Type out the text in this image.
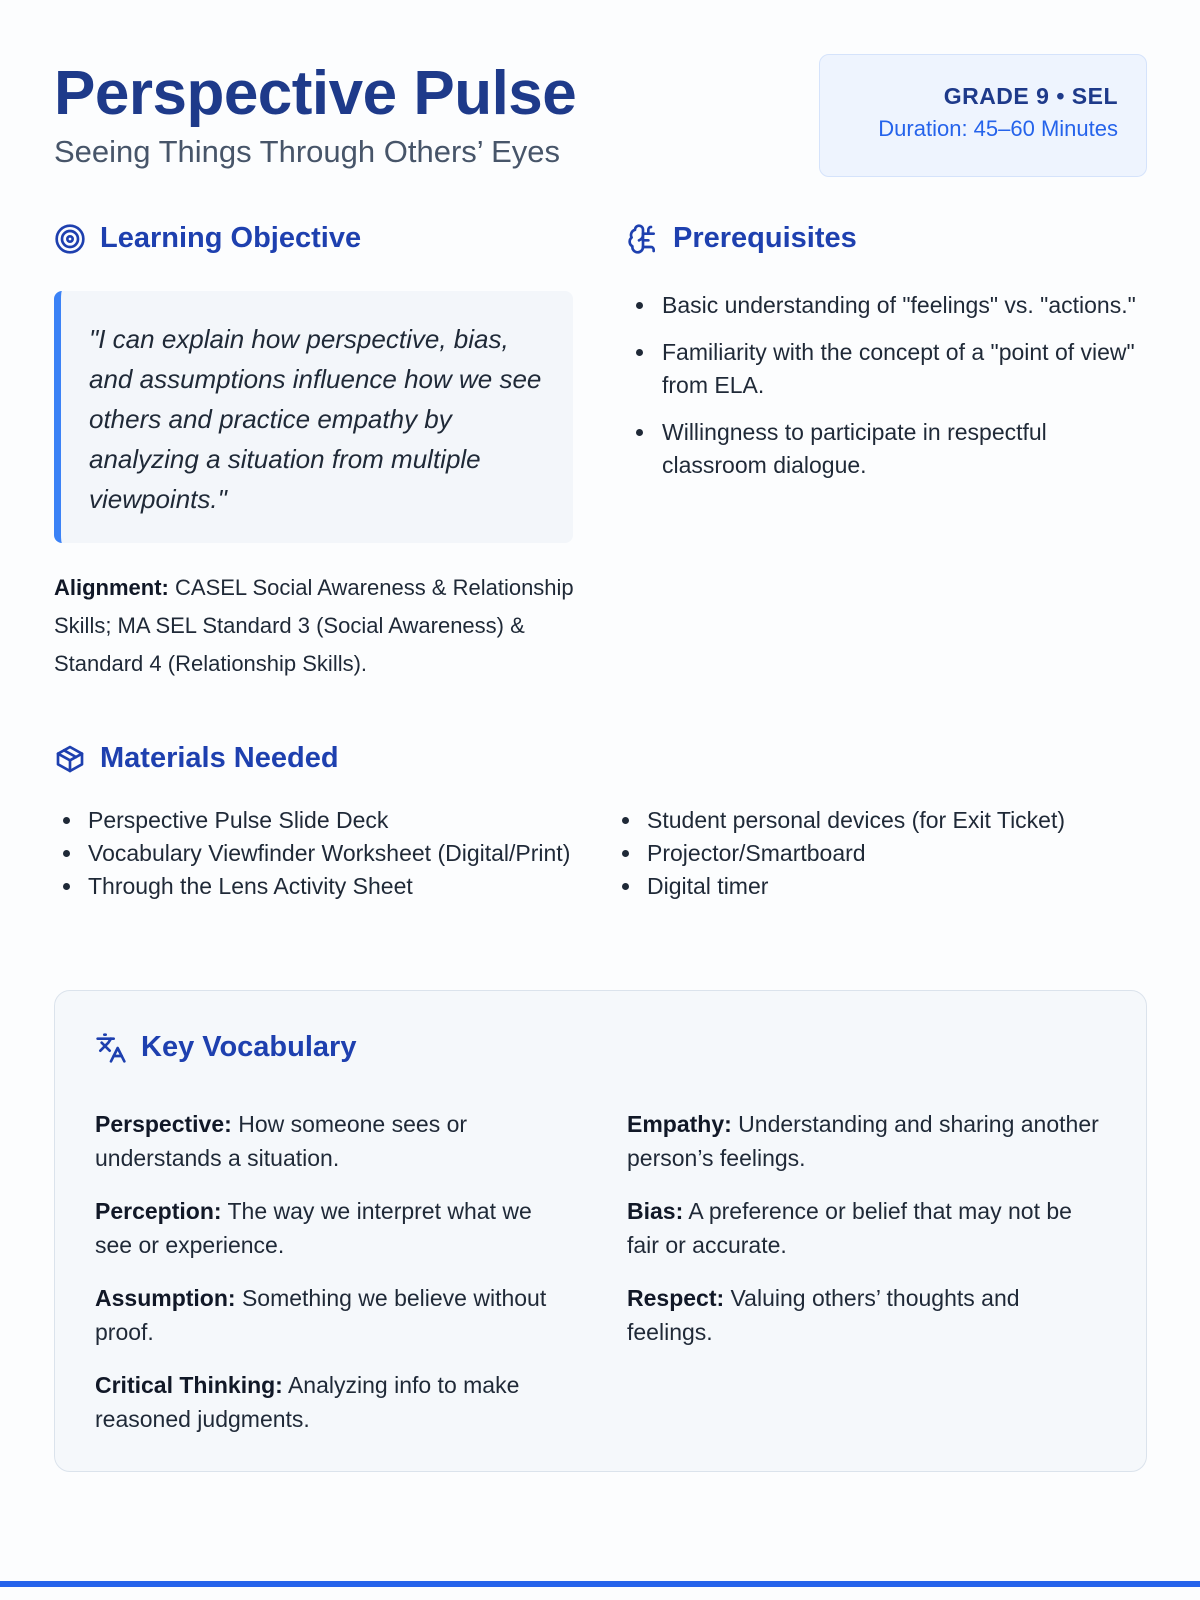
Perspective Pulse
Seeing Things Through Others’ Eyes
GRADE 9 • SEL
Duration: 45–60 Minutes
Learning Objective
"I can explain how perspective, bias, and assumptions influence how we see others and practice empathy by analyzing a situation from multiple viewpoints."
Alignment: CASEL Social Awareness & Relationship Skills; MA SEL Standard 3 (Social Awareness) & Standard 4 (Relationship Skills).
Prerequisites
Basic understanding of "feelings" vs. "actions."
Familiarity with the concept of a "point of view" from ELA.
Willingness to participate in respectful classroom dialogue.
Materials Needed
Perspective Pulse Slide Deck
Vocabulary Viewfinder Worksheet (Digital/Print)
Through the Lens Activity Sheet
Student personal devices (for Exit Ticket)
Projector/Smartboard
Digital timer
Key Vocabulary
Perspective: How someone sees or understands a situation.
Perception: The way we interpret what we see or experience.
Assumption: Something we believe without proof.
Critical Thinking: Analyzing info to make reasoned judgments.
Empathy: Understanding and sharing another person’s feelings.
Bias: A preference or belief that may not be fair or accurate.
Respect: Valuing others’ thoughts and feelings.
